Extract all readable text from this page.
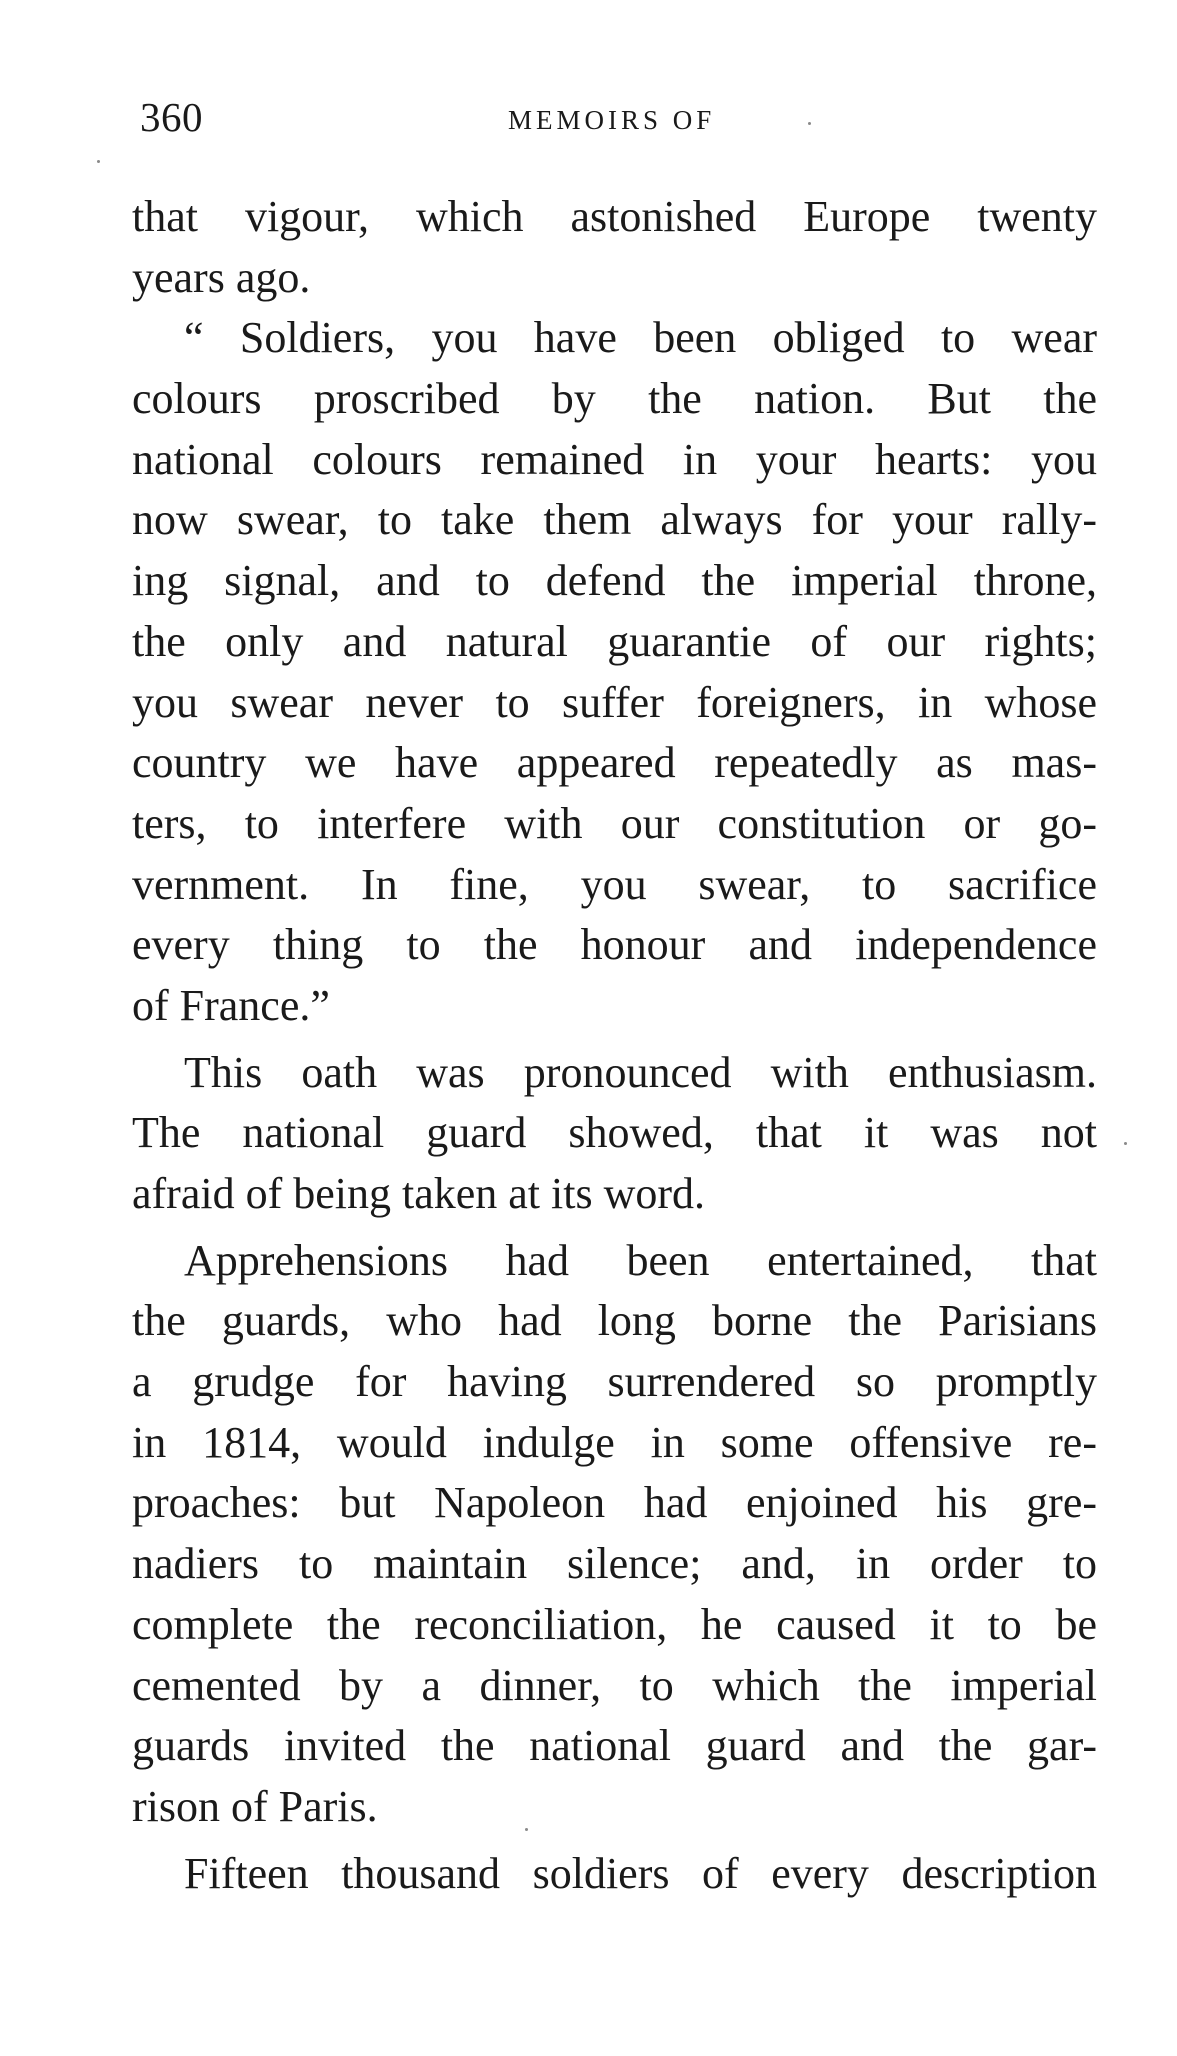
360	MEMOIRS OF
that vigour, which astonished Europe twenty
years ago.
“ Soldiers, you have been obliged to wear
colours proscribed by the nation. But the
national colours remained in your hearts: you
now swear, to take them always for your rally-
ing signal, and to defend the imperial throne,
the only and natural guarantie of our rights;
you swear never to suffer foreigners, in whose
country we have appeared repeatedly as mas-
ters, to interfere with our constitution or go-
vernment. In fine, you swear, to sacrifice
every thing to the honour and independence
of France.”
This oath was pronounced with enthusiasm.
The national guard showed, that it was not
afraid of being taken at its word.
Apprehensions had been entertained, that
the guards, who had long borne the Parisians
a grudge for having surrendered so promptly
in 1814, would indulge in some offensive re-
proaches: but Napoleon had enjoined his gre-
nadiers to maintain silence; and, in order to
complete the reconciliation, he caused it to be
cemented by a dinner, to which the imperial
guards invited the national guard and the gar-
rison of Paris.
Fifteen thousand soldiers of every description
